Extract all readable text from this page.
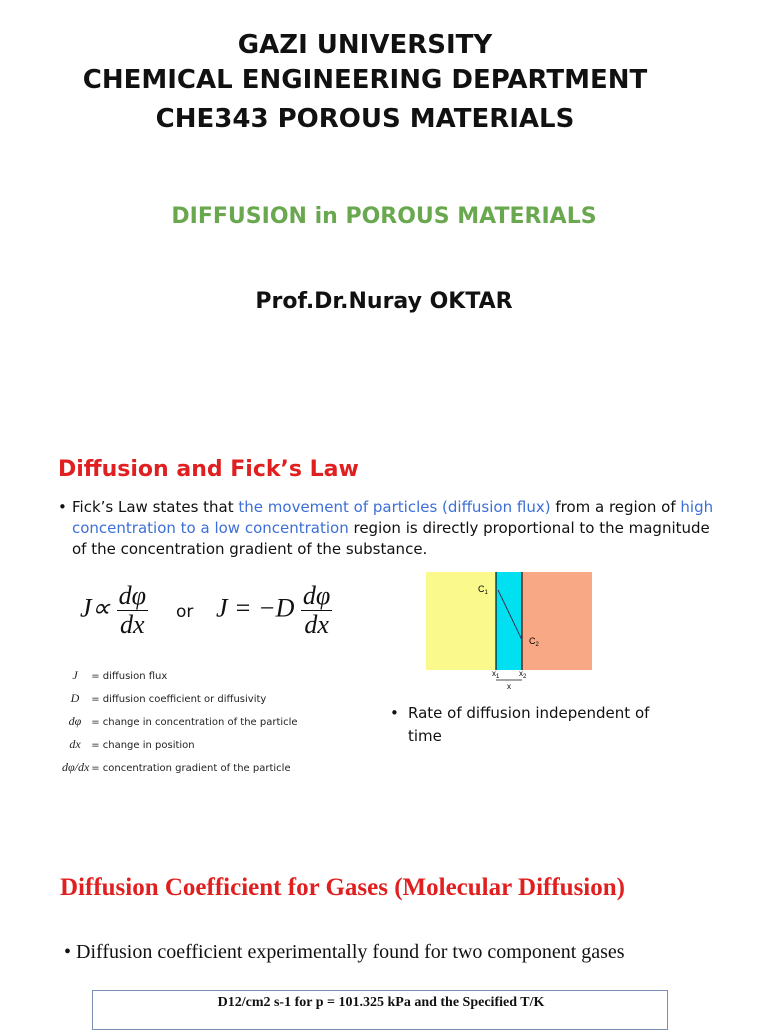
GAZI UNIVERSITY
CHEMICAL ENGINEERING DEPARTMENT
CHE343 POROUS MATERIALS
DIFFUSION in POROUS MATERIALS
Prof.Dr.Nuray OKTAR
Diffusion and Fick’s Law
• Fick’s Law states that the movement of particles (diffusion flux) from a region of high concentration to a low concentration region is directly proportional to the magnitude of the concentration gradient of the substance.
$J\propto \frac{d\varphi}{dx}$ or $J = -D \frac{d\varphi}{dx}$
J = diffusion flux
D = diffusion coefficient or diffusivity
dφ = change in concentration of the particle
dx = change in position
dφ/dx = concentration gradient of the particle
$C_1$
$C_2$
$x_1$ $x_2$
x
• Rate of diffusion independent of time
Diffusion Coefficient for Gases (Molecular Diffusion)
• Diffusion coefficient experimentally found for two component gases
D12/cm2 s-1 for p = 101.325 kPa and the Specified T/K
